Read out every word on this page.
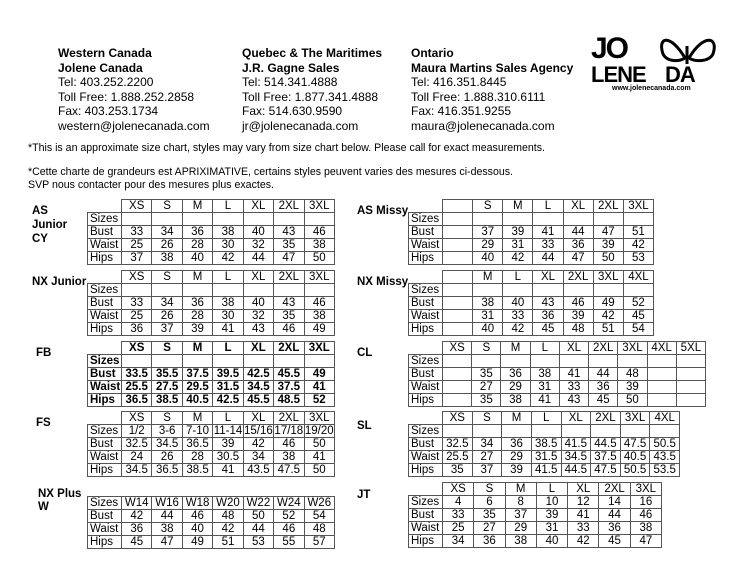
Western Canada
Jolene Canada
Tel: 403.252.2200
Toll Free: 1.888.252.2858
Fax: 403.253.1734
western@jolenecanada.com
Quebec & The Maritimes
J.R. Gagne Sales
Tel: 514.341.4888
Toll Free: 1.877.341.4888
Fax: 514.630.9590
jr@jolenecanada.com
Ontario
Maura Martins Sales Agency
Tel: 416.351.8445
Toll Free: 1.888.310.6111
Fax: 416.351.9255
maura@jolenecanada.com
JO
LENE DA
www.jolenecanada.com
*This is an approximate size chart, styles may vary from size chart below. Please call for exact measurements.
*Cette charte de grandeurs est APRIXIMATIVE, certains styles peuvent varies des mesures ci-dessous.
SVP nous contacter pour des mesures plus exactes.
AS Junior CY
AS Missy
NX Junior	NX Missy
FB	CL
FS	SL
NX Plus W
JT
	XS	S	M	L	XL	2XL	3XL
Sizes							
Bust	33	34	36	38	40	43	46
Waist	25	26	28	30	32	35	38
Hips	37	38	40	42	44	47	50
		S	M	L	XL	2XL	3XL
Sizes							
Bust		37	39	41	44	47	51
Waist		29	31	33	36	39	42
Hips		40	42	44	47	50	53
	XS	S	M	L	XL	2XL	3XL
Sizes							
Bust	33	34	36	38	40	43	46
Waist	25	26	28	30	32	35	38
Hips	36	37	39	41	43	46	49
		M	L	XL	2XL	3XL	4XL
Sizes							
Bust		38	40	43	46	49	52
Waist		31	33	36	39	42	45
Hips		40	42	45	48	51	54
	XS	S	M	L	XL	2XL	3XL
Sizes							
Bust	33.5	35.5	37.5	39.5	42.5	45.5	49
Waist	25.5	27.5	29.5	31.5	34.5	37.5	41
Hips	36.5	38.5	40.5	42.5	45.5	48.5	52
	XS	S	M	L	XL	2XL	3XL	4XL	5XL
Sizes									
Bust		35	36	38	41	44	48		
Waist		27	29	31	33	36	39		
Hips		35	38	41	43	45	50		
	XS	S	M	L	XL	2XL	3XL
Sizes	1/2	3-6	7-10	11-14	15/16	17/18	19/20
Bust	32.5	34.5	36.5	39	42	46	50
Waist	24	26	28	30.5	34	38	41
Hips	34.5	36.5	38.5	41	43.5	47.5	50
	XS	S	M	L	XL	2XL	3XL	4XL
Sizes								
Bust	32.5	34	36	38.5	41.5	44.5	47.5	50.5
Waist	25.5	27	29	31.5	34.5	37.5	40.5	43.5
Hips	35	37	39	41.5	44.5	47.5	50.5	53.5
Sizes	W14	W16	W18	W20	W22	W24	W26
Bust	42	44	46	48	50	52	54
Waist	36	38	40	42	44	46	48
Hips	45	47	49	51	53	55	57
	XS	S	M	L	XL	2XL	3XL
Sizes	4	6	8	10	12	14	16
Bust	33	35	37	39	41	44	46
Waist	25	27	29	31	33	36	38
Hips	34	36	38	40	42	45	47
